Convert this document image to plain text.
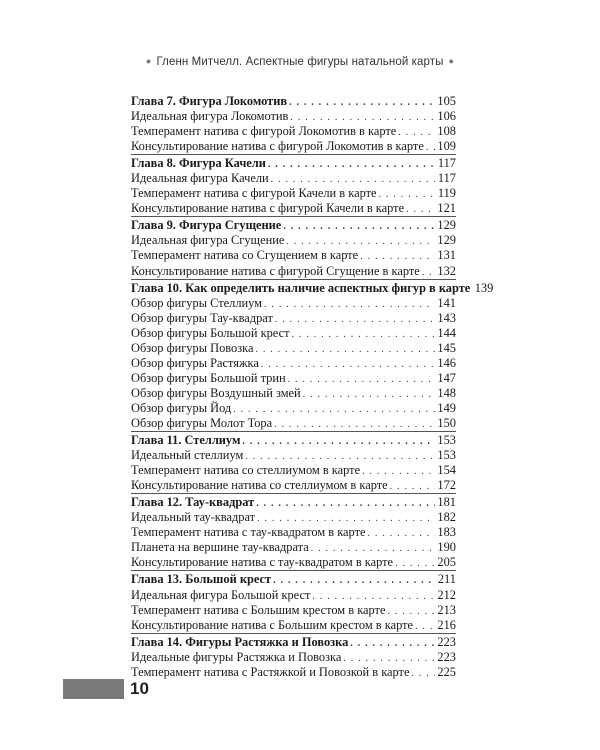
● Гленн Митчелл. Аспектные фигуры натальной карты ●
Глава 7. Фигура Локомотив . . .	105
Идеальная фигура Локомотив . . .	106
Темперамент натива с фигурой Локомотив в карте . . .	108
Консультирование натива с фигурой Локомотив в карте . . . 109
Глава 8. Фигура Качели . . .	117
Идеальная фигура Качели . . .	117
Темперамент натива с фигурой Качели в карте . . .	119
Консультирование натива с фигурой Качели в карте . . .	121
Глава 9. Фигура Сгущение . . .	129
Идеальная фигура Сгущение . . .	129
Темперамент натива со Сгущением в карте . . .	131
Консультирование натива с фигурой Сгущение в карте . . . 132
Глава 10. Как определить наличие аспектных фигур в карте 139
Обзор фигуры Стеллиум . . .	141
Обзор фигуры Тау-квадрат . . .	143
Обзор фигуры Большой крест . . .	144
Обзор фигуры Повозка . . .	145
Обзор фигуры Растяжка . . .	146
Обзор фигуры Большой трин . . .	147
Обзор фигуры Воздушный змей . . .	148
Обзор фигуры Йод . . .	149
Обзор фигуры Молот Тора . . .	150
Глава 11. Стеллиум . . .	153
Идеальный стеллиум . . .	153
Темперамент натива со стеллиумом в карте . . .	154
Консультирование натива со стеллиумом в карте . . .	172
Глава 12. Тау-квадрат . . .	181
Идеальный тау-квадрат . . .	182
Темперамент натива с тау-квадратом в карте . . .	183
Планета на вершине тау-квадрата . . .	190
Консультирование натива с тау-квадратом в карте . . .	205
Глава 13. Большой крест . . .	211
Идеальная фигура Большой крест . . .	212
Темперамент натива с Большим крестом в карте . . .	213
Консультирование натива с Большим крестом в карте . . . 216
Глава 14. Фигуры Растяжка и Повозка . . .	223
Идеальные фигуры Растяжка и Повозка . . .	223
Темперамент натива с Растяжкой и Повозкой в карте . . . 225
10
